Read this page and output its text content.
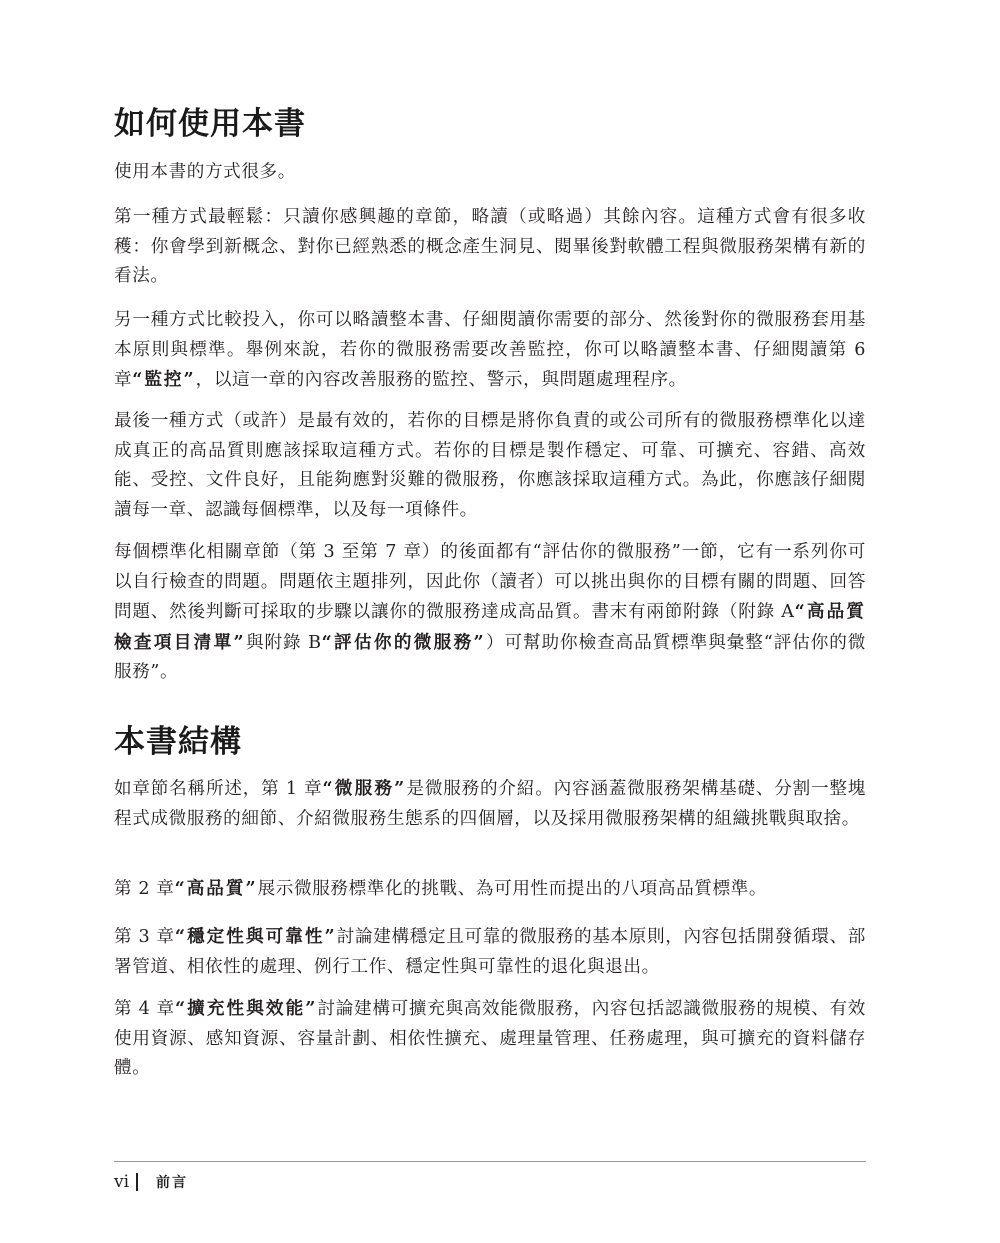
如何使用本書

使用本書的方式很多。

第一種方式最輕鬆：只讀你感興趣的章節，略讀（或略過）其餘內容。這種方式會有很多收穫：你會學到新概念、對你已經熟悉的概念產生洞見、閱畢後對軟體工程與微服務架構有新的看法。

另一種方式比較投入，你可以略讀整本書、仔細閱讀你需要的部分、然後對你的微服務套用基本原則與標準。舉例來說，若你的微服務需要改善監控，你可以略讀整本書、仔細閱讀第 6 章“監控”，以這一章的內容改善服務的監控、警示，與問題處理程序。

最後一種方式（或許）是最有效的，若你的目標是將你負責的或公司所有的微服務標準化以達成真正的高品質則應該採取這種方式。若你的目標是製作穩定、可靠、可擴充、容錯、高效能、受控、文件良好，且能夠應對災難的微服務，你應該採取這種方式。為此，你應該仔細閱讀每一章、認識每個標準，以及每一項條件。

每個標準化相關章節（第 3 至第 7 章）的後面都有“評估你的微服務”一節，它有一系列你可以自行檢查的問題。問題依主題排列，因此你（讀者）可以挑出與你的目標有關的問題、回答問題、然後判斷可採取的步驟以讓你的微服務達成高品質。書末有兩節附錄（附錄 A“高品質檢查項目清單”與附錄 B“評估你的微服務”）可幫助你檢查高品質標準與彙整“評估你的微服務”。

本書結構

如章節名稱所述，第 1 章“微服務”是微服務的介紹。內容涵蓋微服務架構基礎、分割一整塊程式成微服務的細節、介紹微服務生態系的四個層，以及採用微服務架構的組織挑戰與取捨。

第 2 章“高品質”展示微服務標準化的挑戰、為可用性而提出的八項高品質標準。

第 3 章“穩定性與可靠性”討論建構穩定且可靠的微服務的基本原則，內容包括開發循環、部署管道、相依性的處理、例行工作、穩定性與可靠性的退化與退出。

第 4 章“擴充性與效能”討論建構可擴充與高效能微服務，內容包括認識微服務的規模、有效使用資源、感知資源、容量計劃、相依性擴充、處理量管理、任務處理，與可擴充的資料儲存體。

vi 前言
